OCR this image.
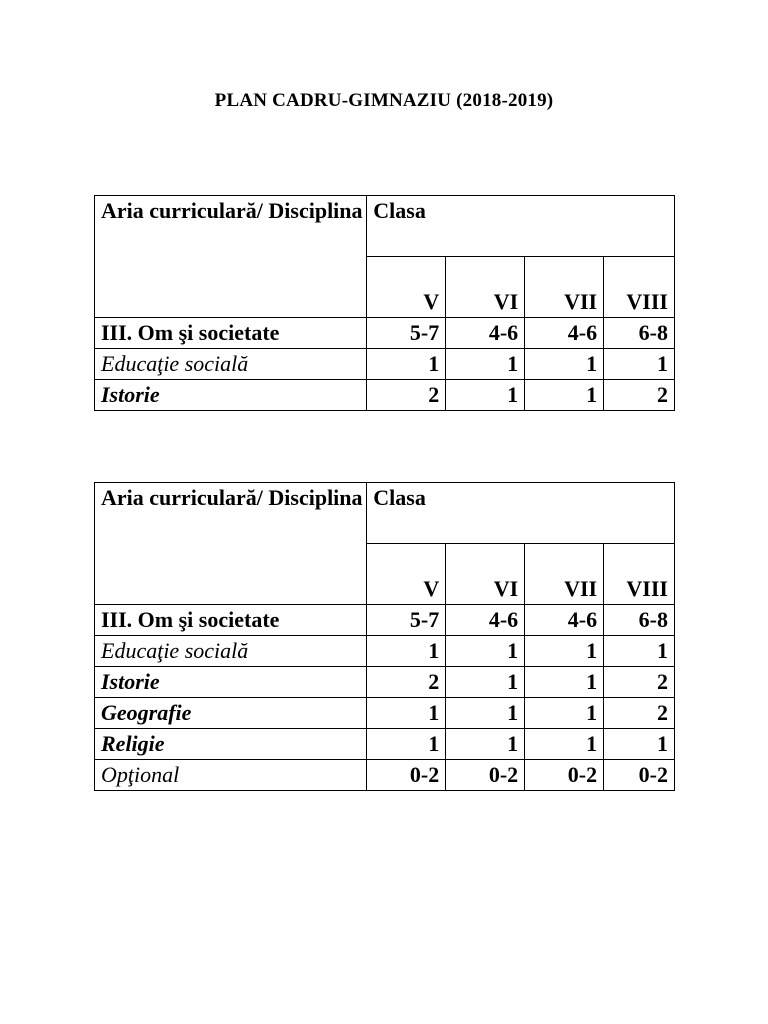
PLAN CADRU-GIMNAZIU (2018-2019)
Aria curriculară/ Disciplina	Clasa			
	V	VI	VII	VIII
III. Om şi societate	5-7	4-6	4-6	6-8
Educaţie socială	1	1	1	1
Istorie	2	1	1	2
Aria curriculară/ Disciplina	Clasa			
	V	VI	VII	VIII
III. Om şi societate	5-7	4-6	4-6	6-8
Educaţie socială	1	1	1	1
Istorie	2	1	1	2
Geografie	1	1	1	2
Religie	1	1	1	1
Opţional	0-2	0-2	0-2	0-2
